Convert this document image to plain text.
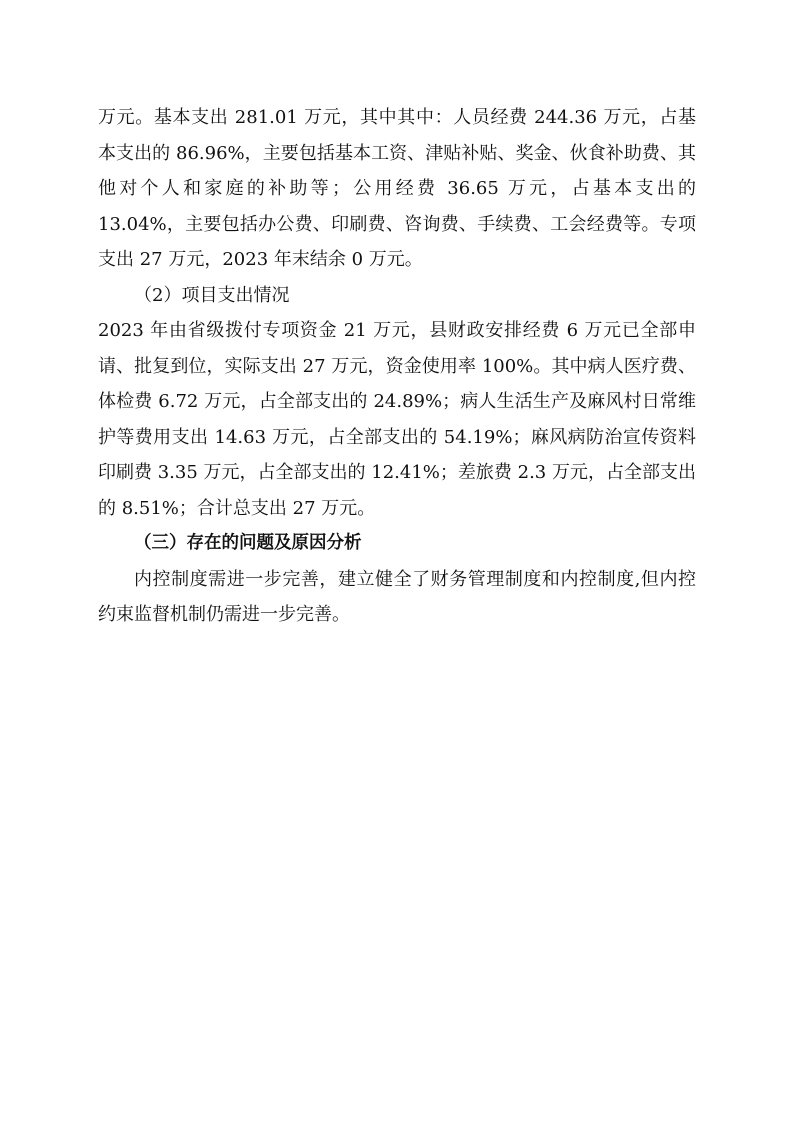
万元。基本支出 281.01 万元，其中其中：人员经费 244.36 万元，占基本支出的 86.96%，主要包括基本工资、津贴补贴、奖金、伙食补助费、其他对个人和家庭的补助等；公用经费 36.65 万元，占基本支出的 13.04%，主要包括办公费、印刷费、咨询费、手续费、工会经费等。专项支出 27 万元，2023 年末结余 0 万元。

（2）项目支出情况

2023 年由省级拨付专项资金 21 万元，县财政安排经费 6 万元已全部申请、批复到位，实际支出 27 万元，资金使用率 100%。其中病人医疗费、体检费 6.72 万元，占全部支出的 24.89%；病人生活生产及麻风村日常维护等费用支出 14.63 万元，占全部支出的 54.19%；麻风病防治宣传资料印刷费 3.35 万元，占全部支出的 12.41%；差旅费 2.3 万元，占全部支出的 8.51%；合计总支出 27 万元。

（三）存在的问题及原因分析

内控制度需进一步完善，建立健全了财务管理制度和内控制度,但内控约束监督机制仍需进一步完善。
